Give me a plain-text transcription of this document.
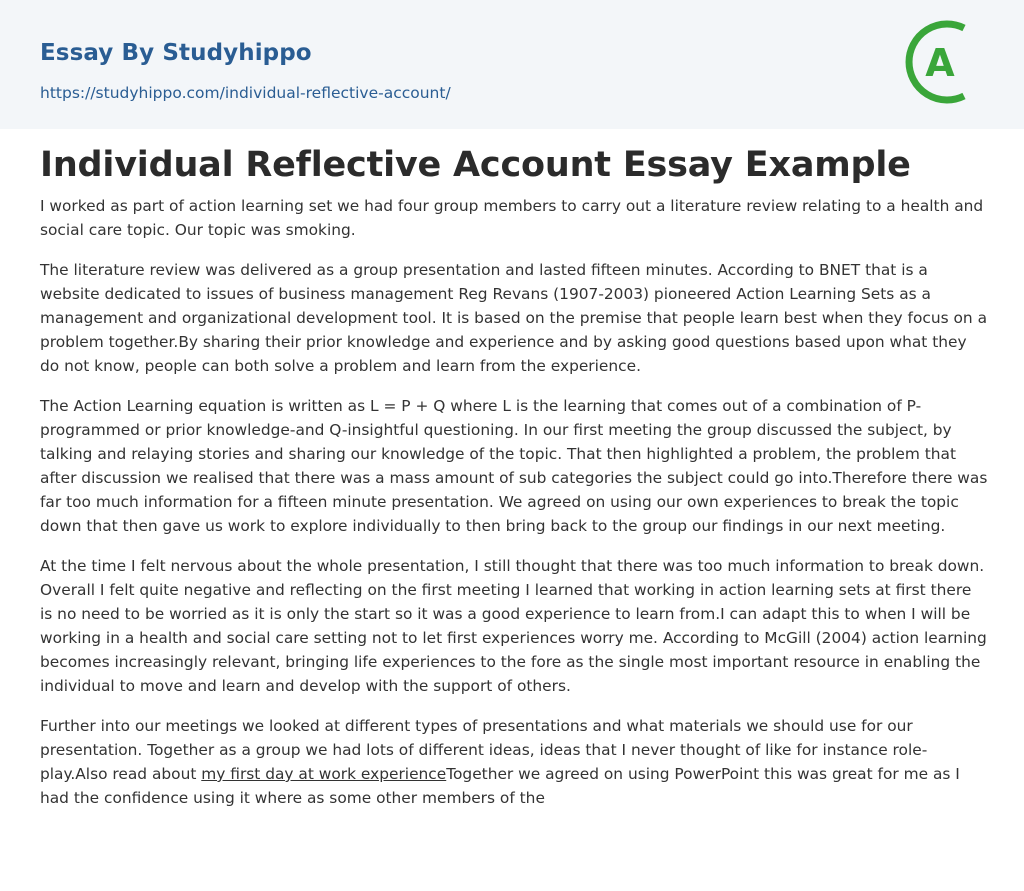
Essay By Studyhippo
https://studyhippo.com/individual-reflective-account/
A
Individual Reflective Account Essay Example

I worked as part of action learning set we had four group members to carry out a literature review relating to a health and social care topic. Our topic was smoking.

The literature review was delivered as a group presentation and lasted fifteen minutes. According to BNET that is a website dedicated to issues of business management Reg Revans (1907-2003) pioneered Action Learning Sets as a management and organizational development tool. It is based on the premise that people learn best when they focus on a problem together.By sharing their prior knowledge and experience and by asking good questions based upon what they do not know, people can both solve a problem and learn from the experience.

The Action Learning equation is written as L = P + Q where L is the learning that comes out of a combination of P-programmed or prior knowledge-and Q-insightful questioning. In our first meeting the group discussed the subject, by talking and relaying stories and sharing our knowledge of the topic. That then highlighted a problem, the problem that after discussion we realised that there was a mass amount of sub categories the subject could go into.Therefore there was far too much information for a fifteen minute presentation. We agreed on using our own experiences to break the topic down that then gave us work to explore individually to then bring back to the group our findings in our next meeting.

At the time I felt nervous about the whole presentation, I still thought that there was too much information to break down. Overall I felt quite negative and reflecting on the first meeting I learned that working in action learning sets at first there is no need to be worried as it is only the start so it was a good experience to learn from.I can adapt this to when I will be working in a health and social care setting not to let first experiences worry me. According to McGill (2004) action learning becomes increasingly relevant, bringing life experiences to the fore as the single most important resource in enabling the individual to move and learn and develop with the support of others.

Further into our meetings we looked at different types of presentations and what materials we should use for our presentation. Together as a group we had lots of different ideas, ideas that I never thought of like for instance role-play.Also read about my first day at work experienceTogether we agreed on using PowerPoint this was great for me as I had the confidence using it where as some other members of the
